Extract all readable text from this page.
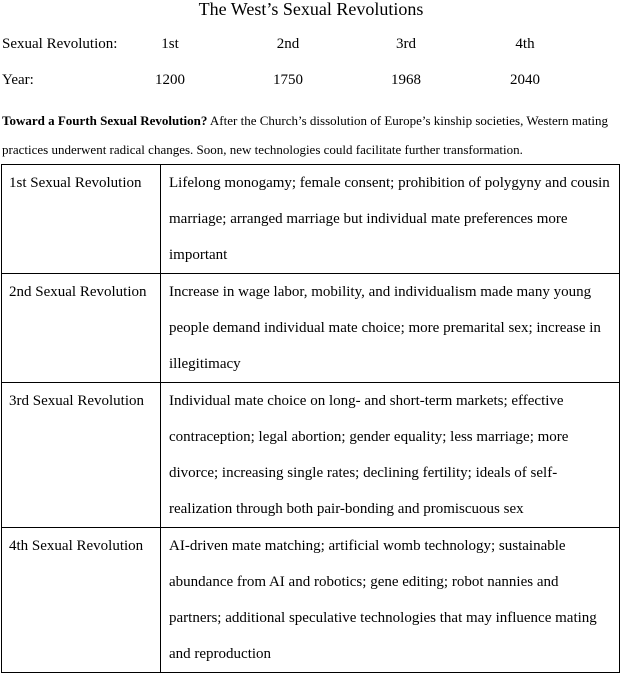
The West’s Sexual Revolutions
Sexual Revolution:	1st	2nd	3rd	4th
Year:	1200	1750	1968	2040
Toward a Fourth Sexual Revolution? After the Church’s dissolution of Europe’s kinship societies, Western mating practices underwent radical changes. Soon, new technologies could facilitate further transformation.
1st Sexual Revolution	Lifelong monogamy; female consent; prohibition of polygyny and cousin marriage; arranged marriage but individual mate preferences more important
2nd Sexual Revolution	Increase in wage labor, mobility, and individualism made many young people demand individual mate choice; more premarital sex; increase in illegitimacy
3rd Sexual Revolution	Individual mate choice on long- and short-term markets; effective contraception; legal abortion; gender equality; less marriage; more divorce; increasing single rates; declining fertility; ideals of self-realization through both pair-bonding and promiscuous sex
4th Sexual Revolution	AI-driven mate matching; artificial womb technology; sustainable abundance from AI and robotics; gene editing; robot nannies and partners; additional speculative technologies that may influence mating and reproduction
